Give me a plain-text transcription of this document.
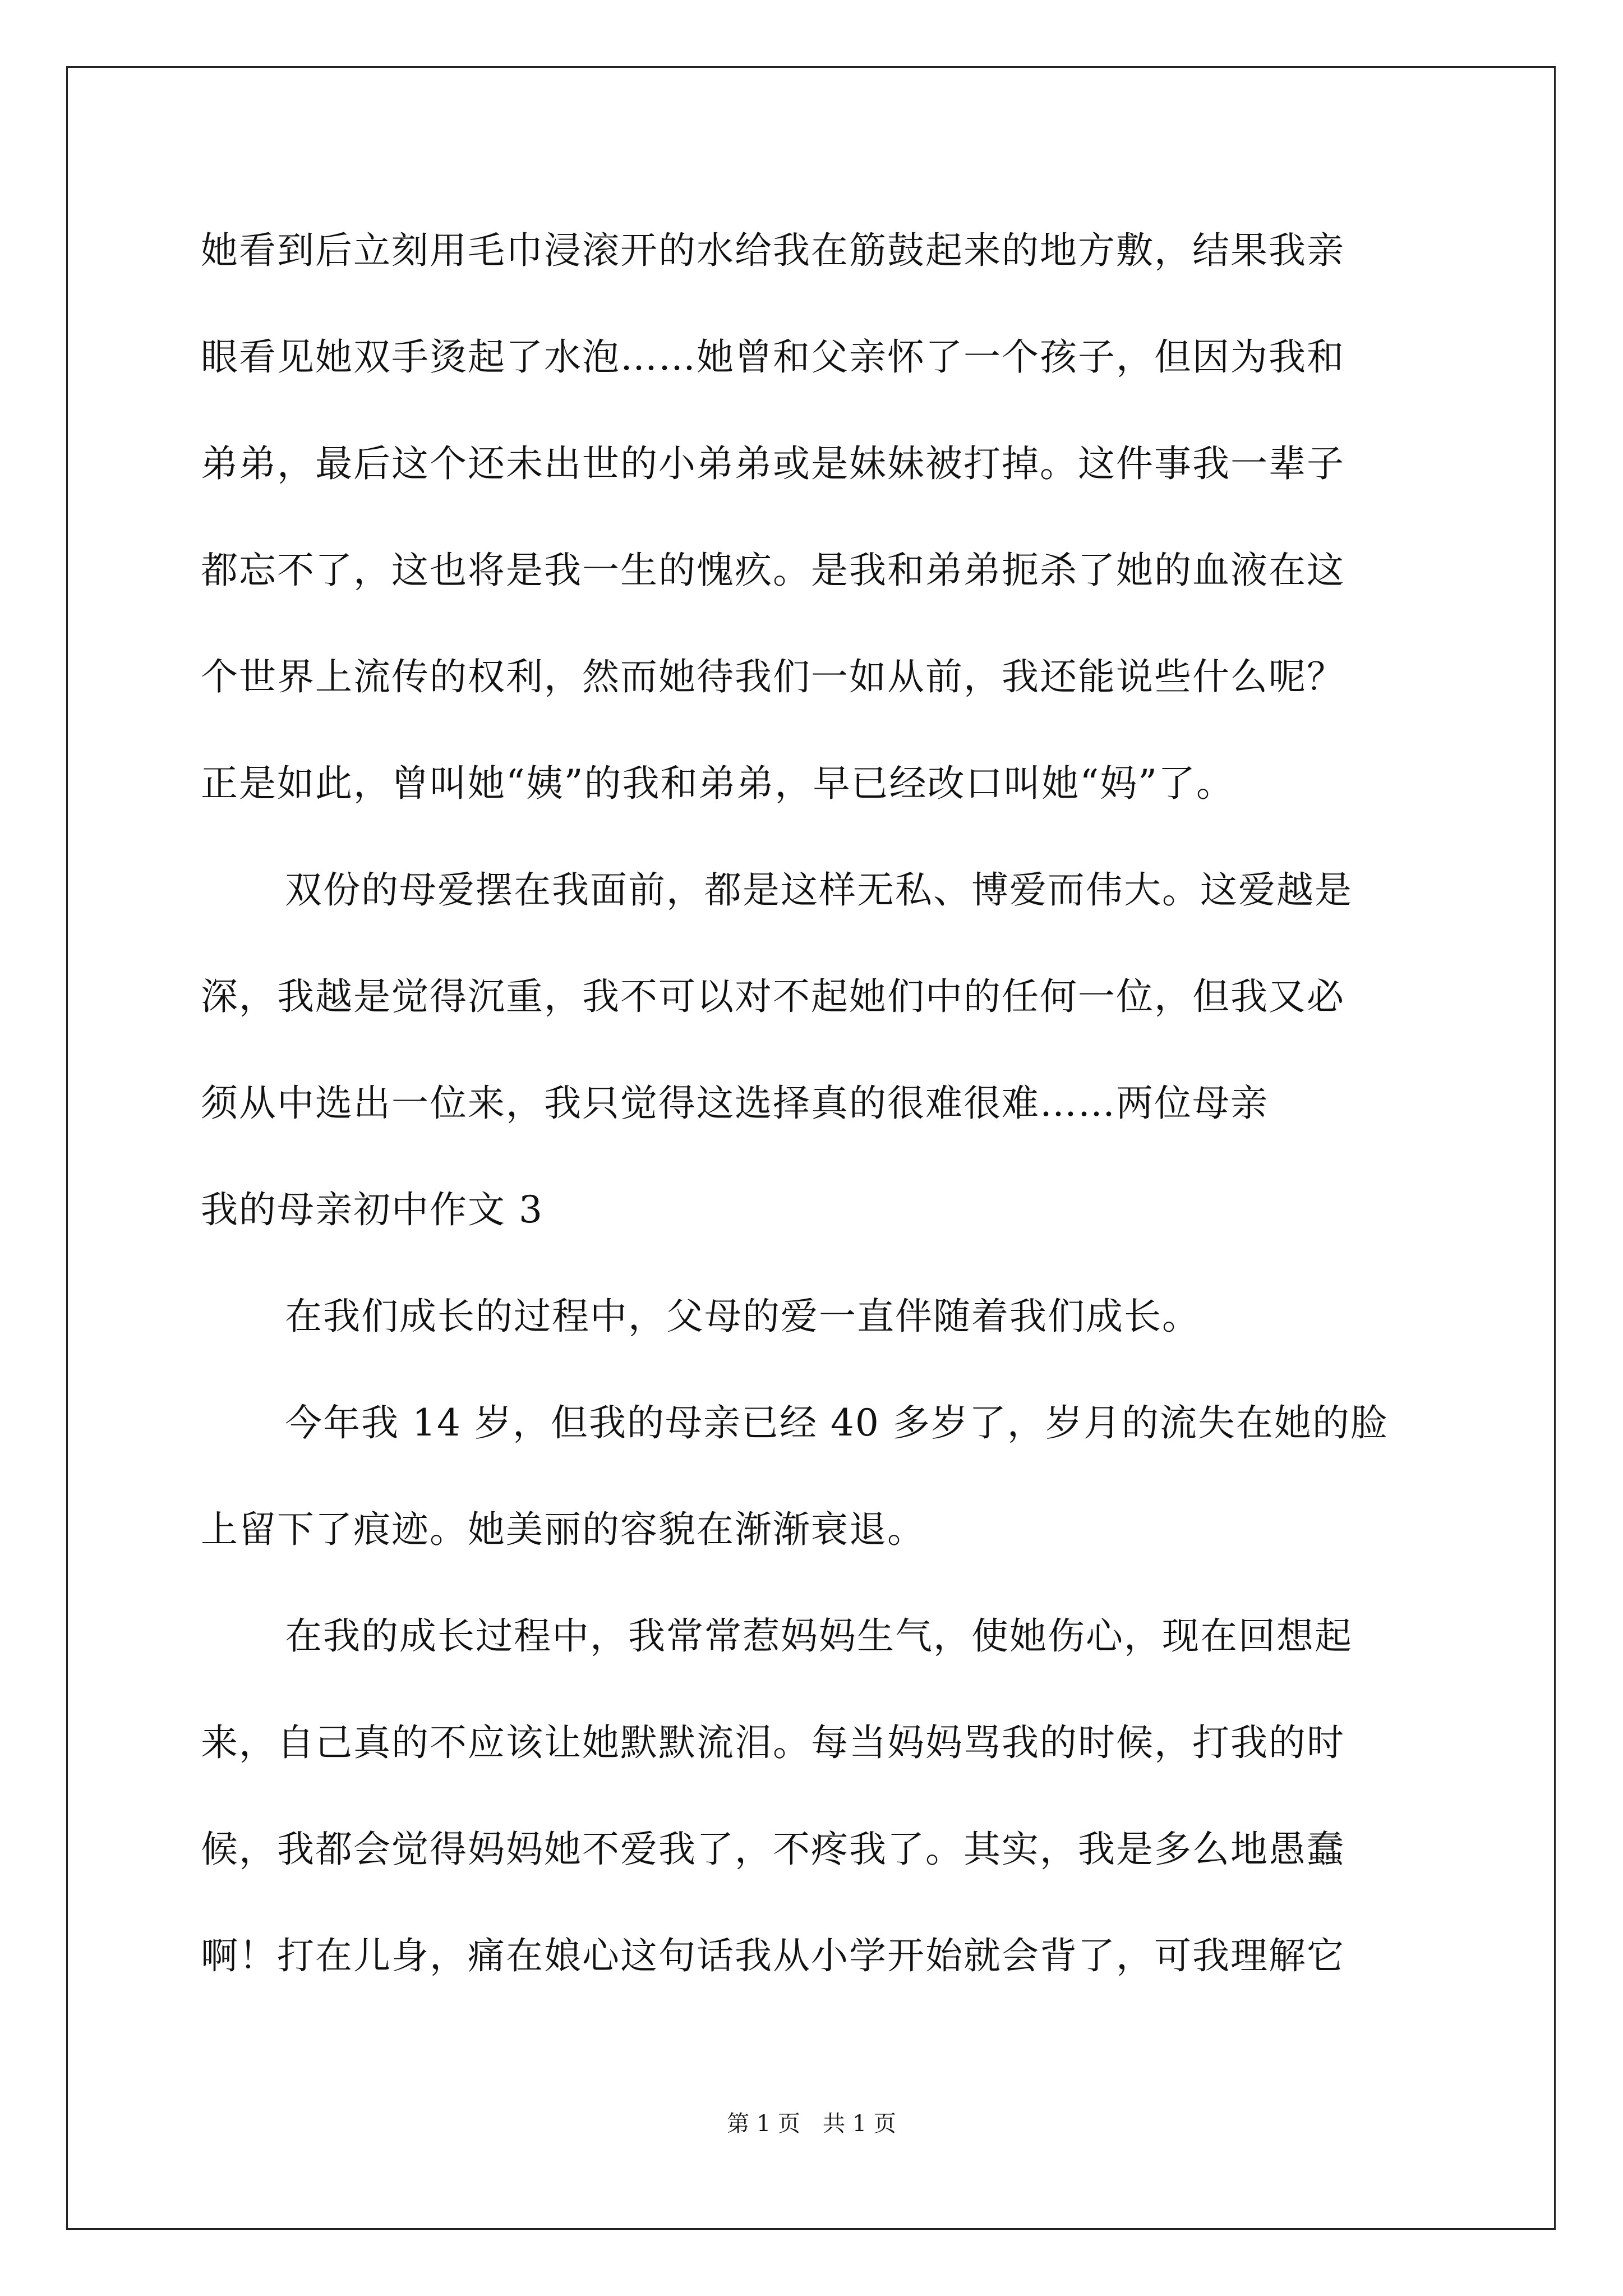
她看到后立刻用毛巾浸滚开的水给我在筋鼓起来的地方敷，结果我亲
眼看见她双手烫起了水泡……她曾和父亲怀了一个孩子，但因为我和
弟弟，最后这个还未出世的小弟弟或是妹妹被打掉。这件事我一辈子
都忘不了，这也将是我一生的愧疚。是我和弟弟扼杀了她的血液在这
个世界上流传的权利，然而她待我们一如从前，我还能说些什么呢？
正是如此，曾叫她“姨”的我和弟弟，早已经改口叫她“妈”了。
双份的母爱摆在我面前，都是这样无私、博爱而伟大。这爱越是
深，我越是觉得沉重，我不可以对不起她们中的任何一位，但我又必
须从中选出一位来，我只觉得这选择真的很难很难……两位母亲
我的母亲初中作文 3
在我们成长的过程中，父母的爱一直伴随着我们成长。
今年我 14 岁，但我的母亲已经 40 多岁了，岁月的流失在她的脸
上留下了痕迹。她美丽的容貌在渐渐衰退。
在我的成长过程中，我常常惹妈妈生气，使她伤心，现在回想起
来，自己真的不应该让她默默流泪。每当妈妈骂我的时候，打我的时
候，我都会觉得妈妈她不爱我了，不疼我了。其实，我是多么地愚蠢
啊！打在儿身，痛在娘心这句话我从小学开始就会背了，可我理解它
第 1 页 共 1 页
